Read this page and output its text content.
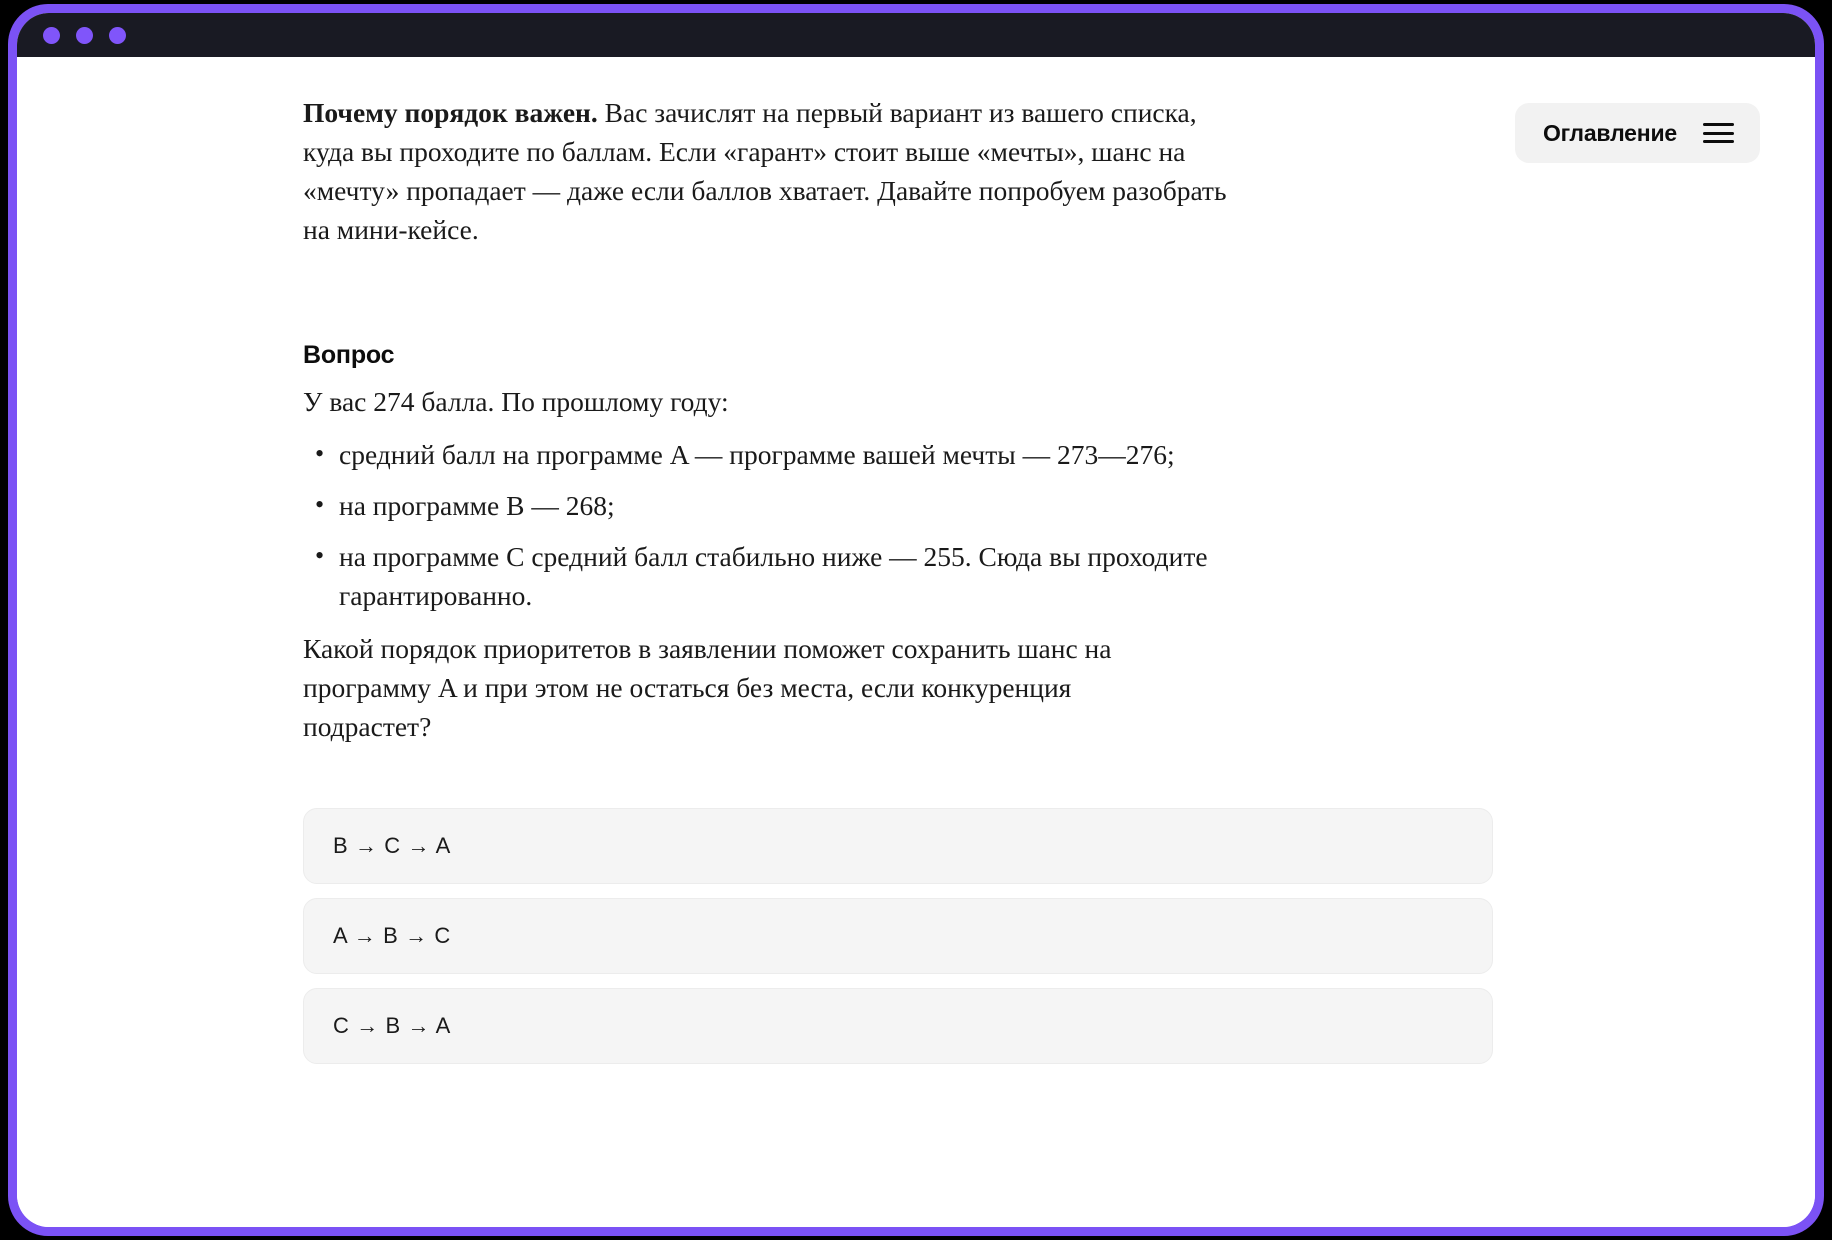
Оглавление

Почему порядок важен. Вас зачислят на первый вариант из вашего списка, куда вы проходите по баллам. Если «гарант» стоит выше «мечты», шанс на «мечту» пропадает — даже если баллов хватает. Давайте попробуем разобрать на мини-кейсе.

Вопрос

У вас 274 балла. По прошлому году:

• средний балл на программе A — программе вашей мечты — 273—276;
• на программе B — 268;
• на программе C средний балл стабильно ниже — 255. Сюда вы проходите гарантированно.

Какой порядок приоритетов в заявлении поможет сохранить шанс на программу A и при этом не остаться без места, если конкуренция подрастет?

B → C → A
A → B → C
C → B → A
